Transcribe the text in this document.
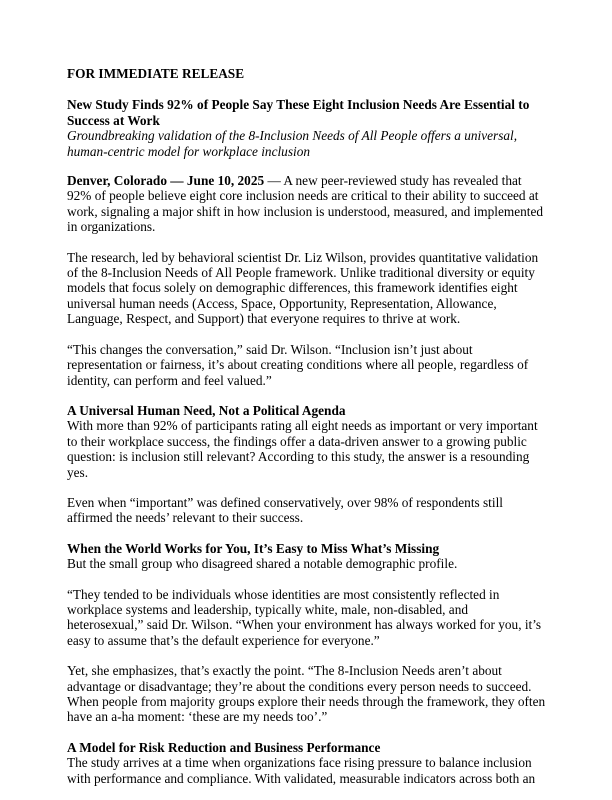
FOR IMMEDIATE RELEASE

New Study Finds 92% of People Say These Eight Inclusion Needs Are Essential to Success at Work

Groundbreaking validation of the 8-Inclusion Needs of All People offers a universal, human-centric model for workplace inclusion

Denver, Colorado — June 10, 2025 — A new peer-reviewed study has revealed that 92% of people believe eight core inclusion needs are critical to their ability to succeed at work, signaling a major shift in how inclusion is understood, measured, and implemented in organizations.

The research, led by behavioral scientist Dr. Liz Wilson, provides quantitative validation of the 8-Inclusion Needs of All People framework. Unlike traditional diversity or equity models that focus solely on demographic differences, this framework identifies eight universal human needs (Access, Space, Opportunity, Representation, Allowance, Language, Respect, and Support) that everyone requires to thrive at work.

“This changes the conversation,” said Dr. Wilson. “Inclusion isn’t just about representation or fairness, it’s about creating conditions where all people, regardless of identity, can perform and feel valued.”

A Universal Human Need, Not a Political Agenda

With more than 92% of participants rating all eight needs as important or very important to their workplace success, the findings offer a data-driven answer to a growing public question: is inclusion still relevant? According to this study, the answer is a resounding yes.

Even when “important” was defined conservatively, over 98% of respondents still affirmed the needs’ relevant to their success.

When the World Works for You, It’s Easy to Miss What’s Missing

But the small group who disagreed shared a notable demographic profile.

“They tended to be individuals whose identities are most consistently reflected in workplace systems and leadership, typically white, male, non-disabled, and heterosexual,” said Dr. Wilson. “When your environment has always worked for you, it’s easy to assume that’s the default experience for everyone.”

Yet, she emphasizes, that’s exactly the point. “The 8-Inclusion Needs aren’t about advantage or disadvantage; they’re about the conditions every person needs to succeed. When people from majority groups explore their needs through the framework, they often have an a-ha moment: ‘these are my needs too’.”

A Model for Risk Reduction and Business Performance

The study arrives at a time when organizations face rising pressure to balance inclusion with performance and compliance. With validated, measurable indicators across both an
